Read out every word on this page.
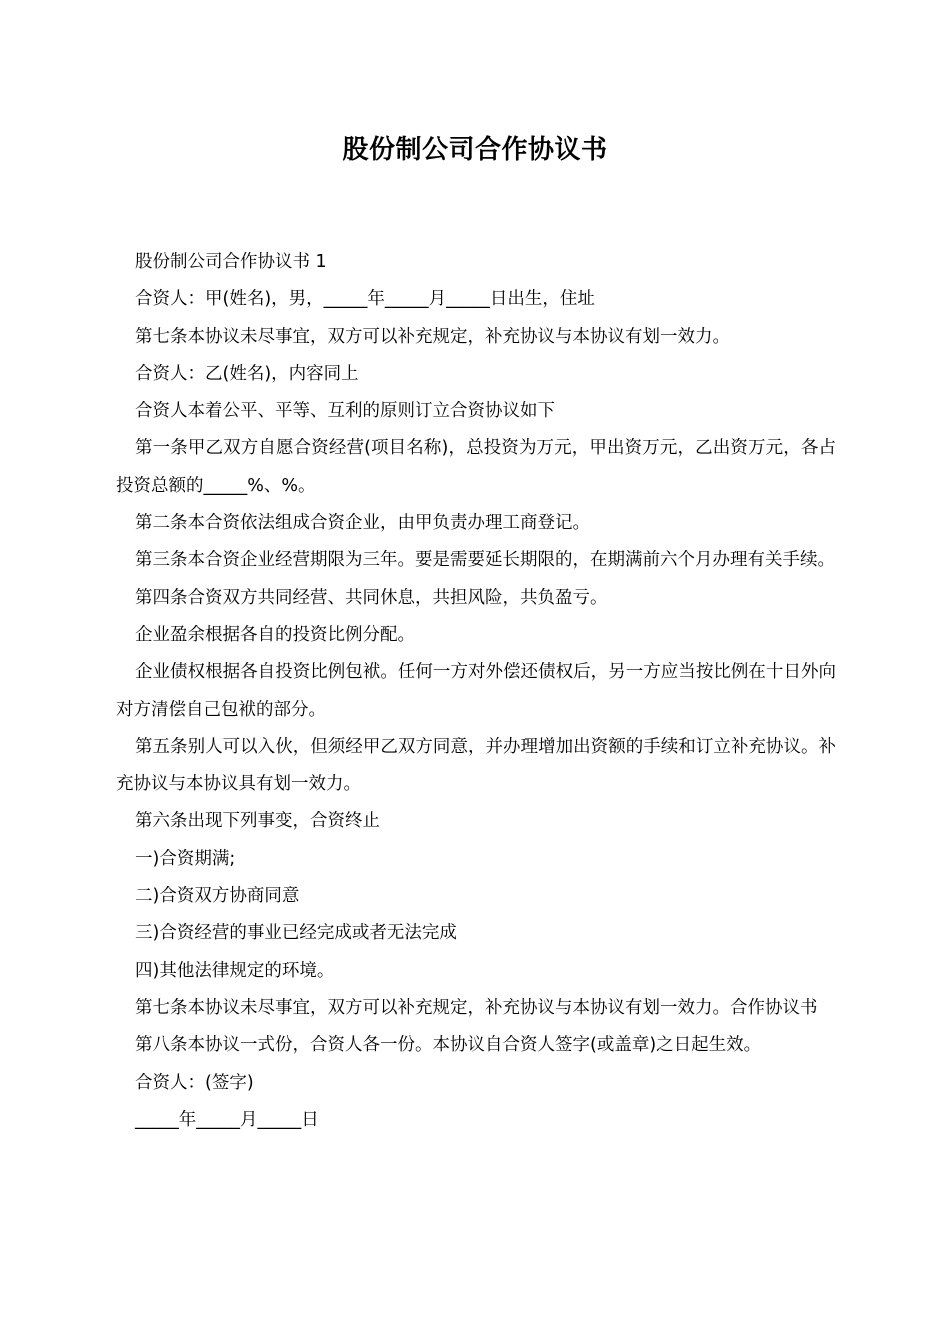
股份制公司合作协议书

股份制公司合作协议书 1

合资人：甲(姓名)，男，_____年_____月_____日出生，住址

第七条本协议未尽事宜，双方可以补充规定，补充协议与本协议有划一效力。

合资人：乙(姓名)，内容同上

合资人本着公平、平等、互利的原则订立合资协议如下

第一条甲乙双方自愿合资经营(项目名称)，总投资为万元，甲出资万元，乙出资万元，各占投资总额的_____%、%。

第二条本合资依法组成合资企业，由甲负责办理工商登记。

第三条本合资企业经营期限为三年。要是需要延长期限的，在期满前六个月办理有关手续。

第四条合资双方共同经营、共同休息，共担风险，共负盈亏。

企业盈余根据各自的投资比例分配。

企业债权根据各自投资比例包袱。任何一方对外偿还债权后，另一方应当按比例在十日外向对方清偿自己包袱的部分。

第五条别人可以入伙，但须经甲乙双方同意，并办理增加出资额的手续和订立补充协议。补充协议与本协议具有划一效力。

第六条出现下列事变，合资终止

一)合资期满;

二)合资双方协商同意

三)合资经营的事业已经完成或者无法完成

四)其他法律规定的环境。

第七条本协议未尽事宜，双方可以补充规定，补充协议与本协议有划一效力。合作协议书

第八条本协议一式份，合资人各一份。本协议自合资人签字(或盖章)之日起生效。

合资人：(签字)

_____年_____月_____日
